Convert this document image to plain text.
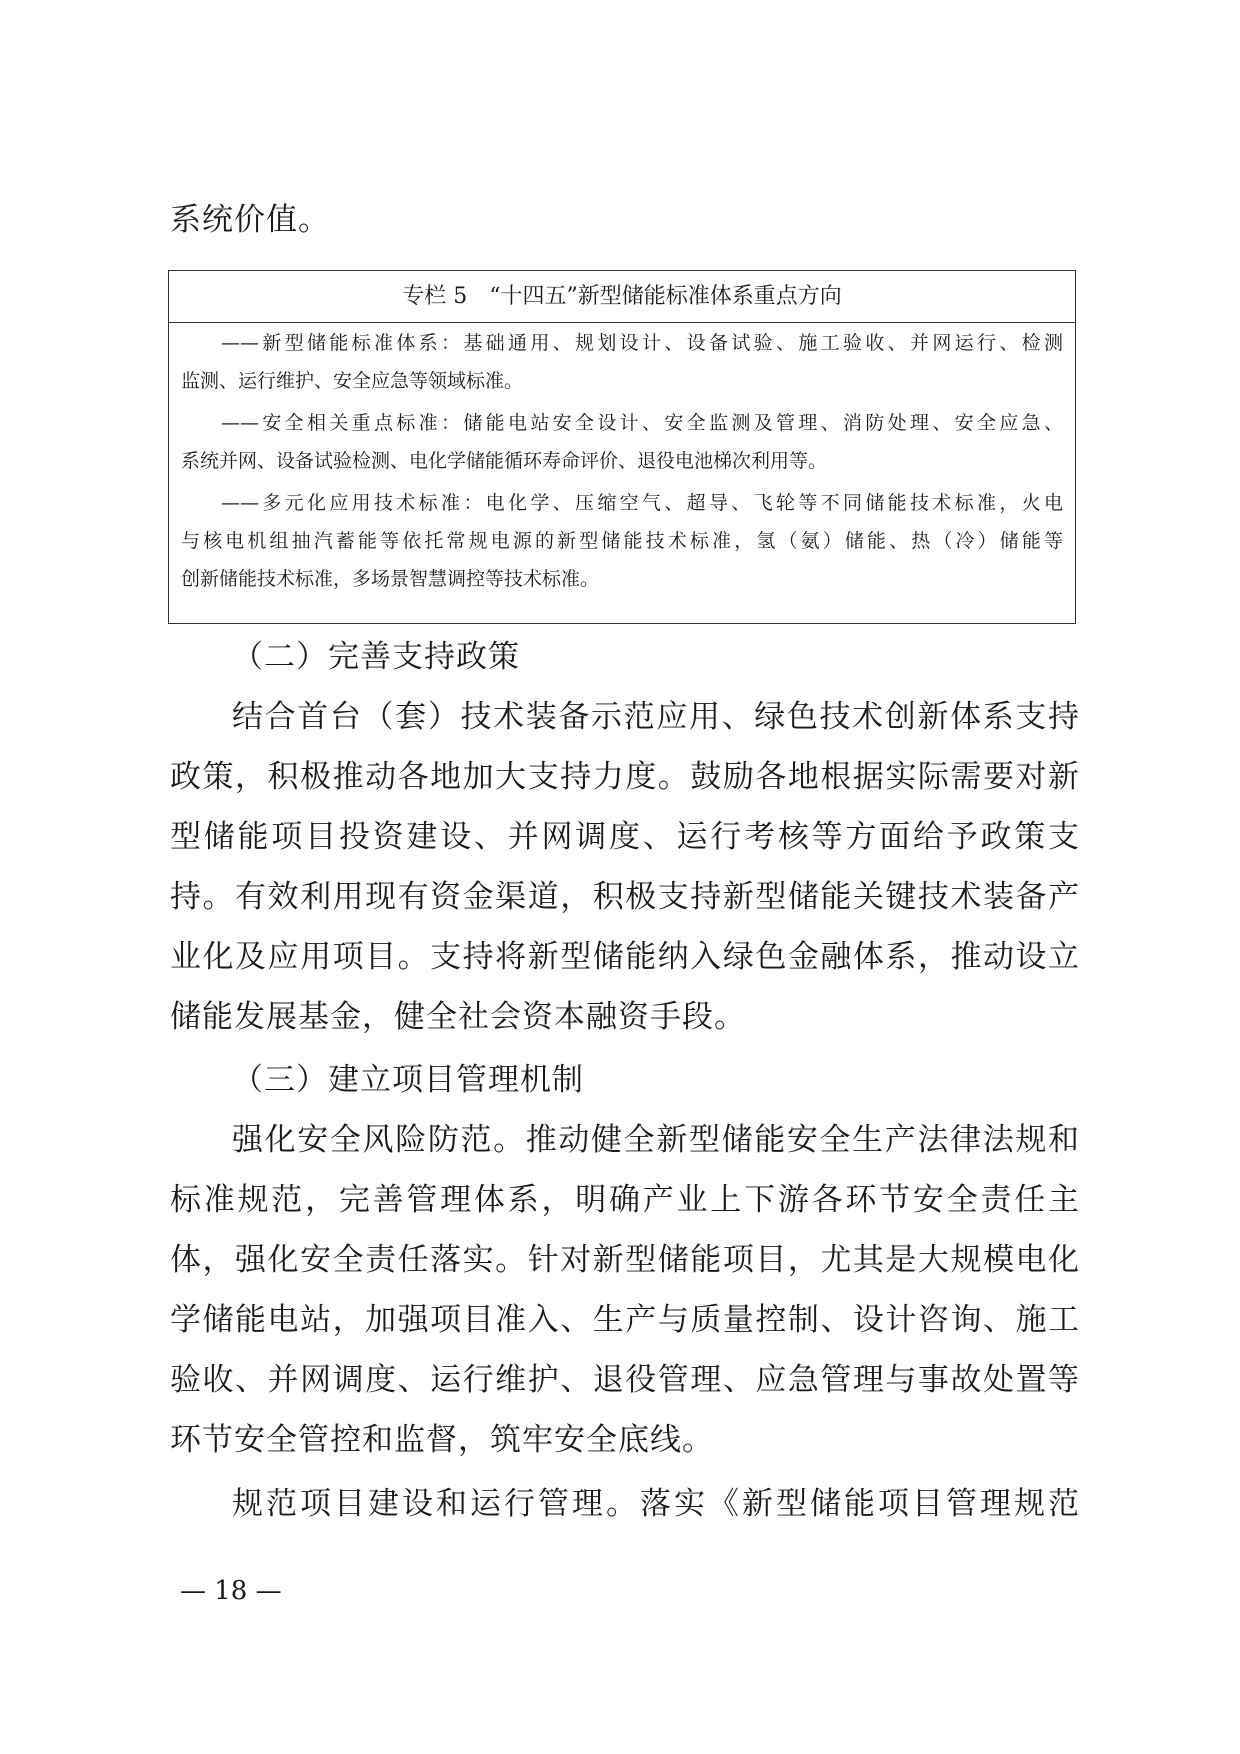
系统价值。
专栏 5　“十四五”新型储能标准体系重点方向
——新型储能标准体系：基础通用、规划设计、设备试验、施工验收、并网运行、检测
监测、运行维护、安全应急等领域标准。
——安全相关重点标准：储能电站安全设计、安全监测及管理、消防处理、安全应急、
系统并网、设备试验检测、电化学储能循环寿命评价、退役电池梯次利用等。
——多元化应用技术标准：电化学、压缩空气、超导、飞轮等不同储能技术标准，火电
与核电机组抽汽蓄能等依托常规电源的新型储能技术标准，氢（氨）储能、热（冷）储能等
创新储能技术标准，多场景智慧调控等技术标准。
（二）完善支持政策
结合首台（套）技术装备示范应用、绿色技术创新体系支持
政策，积极推动各地加大支持力度。鼓励各地根据实际需要对新
型储能项目投资建设、并网调度、运行考核等方面给予政策支
持。有效利用现有资金渠道，积极支持新型储能关键技术装备产
业化及应用项目。支持将新型储能纳入绿色金融体系，推动设立
储能发展基金，健全社会资本融资手段。
（三）建立项目管理机制
强化安全风险防范。推动健全新型储能安全生产法律法规和
标准规范，完善管理体系，明确产业上下游各环节安全责任主
体，强化安全责任落实。针对新型储能项目，尤其是大规模电化
学储能电站，加强项目准入、生产与质量控制、设计咨询、施工
验收、并网调度、运行维护、退役管理、应急管理与事故处置等
环节安全管控和监督，筑牢安全底线。
规范项目建设和运行管理。落实《新型储能项目管理规范
— 18 —
